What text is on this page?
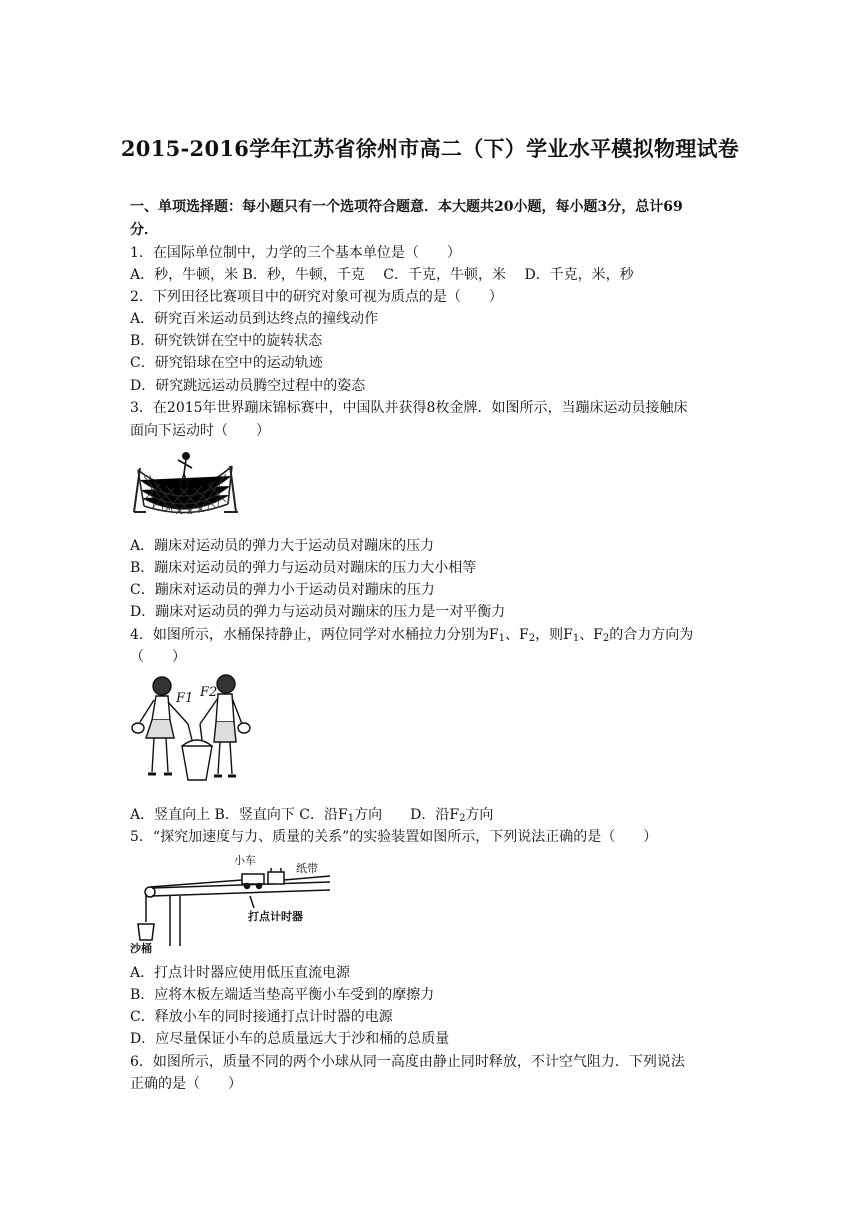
2015-2016学年江苏省徐州市高二（下）学业水平模拟物理试卷
一、单项选择题：每小题只有一个选项符合题意．本大题共20小题，每小题3分，总计69
分．
1．在国际单位制中，力学的三个基本单位是（　　）
A．秒，牛顿，米 B．秒，牛顿，千克　 C．千克，牛顿，米　 D．千克，米，秒
2．下列田径比赛项目中的研究对象可视为质点的是（　　）
A．研究百米运动员到达终点的撞线动作
B．研究铁饼在空中的旋转状态
C．研究铅球在空中的运动轨迹
D．研究跳远运动员腾空过程中的姿态
3．在2015年世界蹦床锦标赛中，中国队并获得8枚金牌．如图所示，当蹦床运动员接触床
面向下运动时（　　）
A．蹦床对运动员的弹力大于运动员对蹦床的压力
B．蹦床对运动员的弹力与运动员对蹦床的压力大小相等
C．蹦床对运动员的弹力小于运动员对蹦床的压力
D．蹦床对运动员的弹力与运动员对蹦床的压力是一对平衡力
4．如图所示，水桶保持静止，两位同学对水桶拉力分别为$F_1$、$F_2$，则$F_1$、$F_2$的合力方向为
（　　）
F1 F2
A．竖直向上 B．竖直向下 C．沿$F_1$方向　　D．沿$F_2$方向
5．“探究加速度与力、质量的关系”的实验装置如图所示，下列说法正确的是（　　）
小车
纸带
打点计时器
沙桶
A．打点计时器应使用低压直流电源
B．应将木板左端适当垫高平衡小车受到的摩擦力
C．释放小车的同时接通打点计时器的电源
D．应尽量保证小车的总质量远大于沙和桶的总质量
6．如图所示，质量不同的两个小球从同一高度由静止同时释放，不计空气阻力．下列说法
正确的是（　　）
